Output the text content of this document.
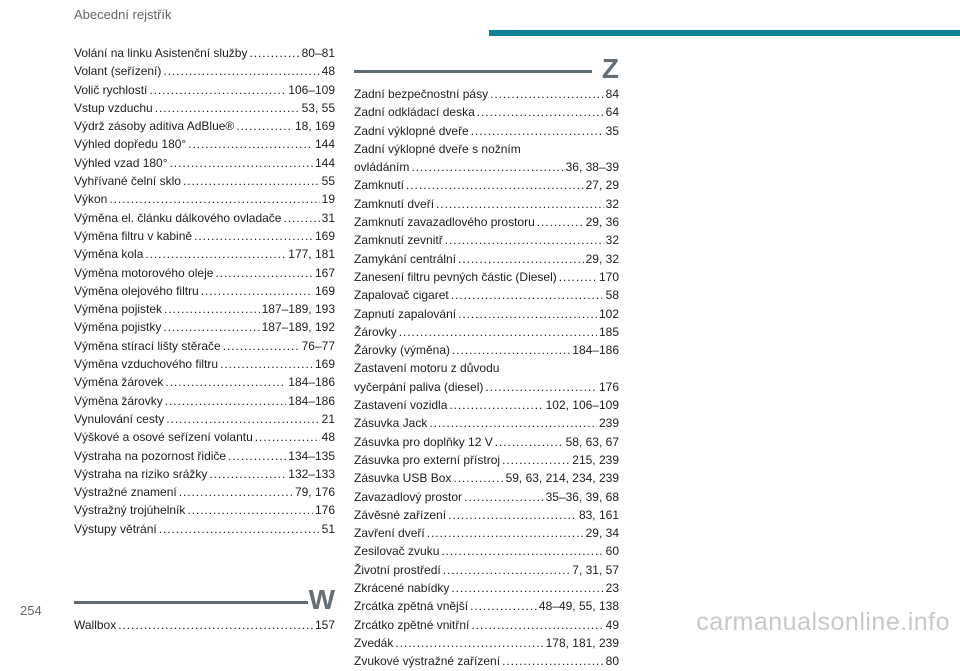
Abecední rejstřík
Volání na linku Asistenční služby . . .	80–81
Volant (seřízení) . . .	48
Volič rychlostí . . .	106–109
Vstup vzduchu . . .	53, 55
Výdrž zásoby aditiva AdBlue® . . .	18, 169
Výhled dopředu 180° . . .	144
Výhled vzad 180° . . .	144
Vyhřívané čelní sklo . . .	55
Výkon . . .	19
Výměna el. článku dálkového ovladače . . .	31
Výměna filtru v kabině . . .	169
Výměna kola . . .	177, 181
Výměna motorového oleje . . .	167
Výměna olejového filtru . . .	169
Výměna pojistek . . .	187–189, 193
Výměna pojistky . . .	187–189, 192
Výměna stírací lišty stěrače . . .	76–77
Výměna vzduchového filtru . . .	169
Výměna žárovek . . .	184–186
Výměna žárovky . . .	184–186
Vynulování cesty . . .	21
Výškové a osové seřízení volantu . . .	48
Výstraha na pozornost řidiče . . .	134–135
Výstraha na riziko srážky . . .	132–133
Výstražné znamení . . .	79, 176
Výstražný trojúhelník . . .	176
Výstupy větrání . . .	51
W
Wallbox . . .	157
Z
Zadní bezpečnostní pásy . . .	84
Zadní odkládací deska . . .	64
Zadní výklopné dveře . . .	35
Zadní výklopné dveře s nožním
ovládáním . . .	36, 38–39
Zamknutí . . .	27, 29
Zamknutí dveří . . .	32
Zamknutí zavazadlového prostoru . . .	29, 36
Zamknutí zevnitř . . .	32
Zamykání centrální . . .	29, 32
Zanesení filtru pevných částic (Diesel) . . .	170
Zapalovač cigaret . . .	58
Zapnutí zapalování . . .	102
Žárovky . . .	185
Žárovky (výměna) . . .	184–186
Zastavení motoru z důvodu
vyčerpání paliva (diesel) . . .	176
Zastavení vozidla . . .	102, 106–109
Zásuvka Jack . . .	239
Zásuvka pro doplňky 12 V . . .	58, 63, 67
Zásuvka pro externí přístroj . . .	215, 239
Zásuvka USB Box . . .	59, 63, 214, 234, 239
Zavazadlový prostor . . .	35–36, 39, 68
Závěsné zařízení . . .	83, 161
Zavření dveří . . .	29, 34
Zesilovač zvuku . . .	60
Životní prostředí . . .	7, 31, 57
Zkrácené nabídky . . .	23
Zrcátka zpětná vnější . . .	48–49, 55, 138
Zrcátko zpětné vnitřní . . .	49
Zvedák . . .	178, 181, 239
Zvukové výstražné zařízení . . .	80
254	carmanualsonline.info
